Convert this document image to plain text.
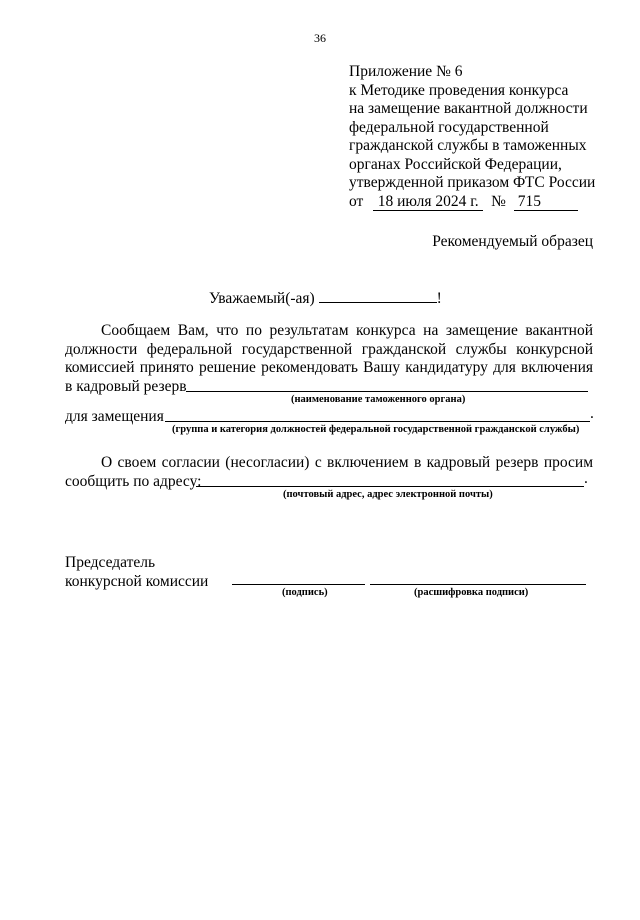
36
Приложение № 6
к Методике проведения конкурса
на замещение вакантной должности
федеральной государственной
гражданской службы в таможенных
органах Российской Федерации,
утвержденной приказом ФТС России
от 18 июля 2024 г. № 715
Рекомендуемый образец
Уважаемый(-ая)	!
Сообщаем Вам, что по результатам конкурса на замещение вакантной
должности федеральной государственной гражданской службы конкурсной
комиссией принято решение рекомендовать Вашу кандидатуру для включения
в кадровый резерв
(наименование таможенного органа)
для замещения	.
(группа и категория должностей федеральной государственной гражданской службы)
О своем согласии (несогласии) с включением в кадровый резерв просим
сообщить по адресу:	.
(почтовый адрес, адрес электронной почты)
Председатель
конкурсной комиссии
(подпись)	(расшифровка подписи)
